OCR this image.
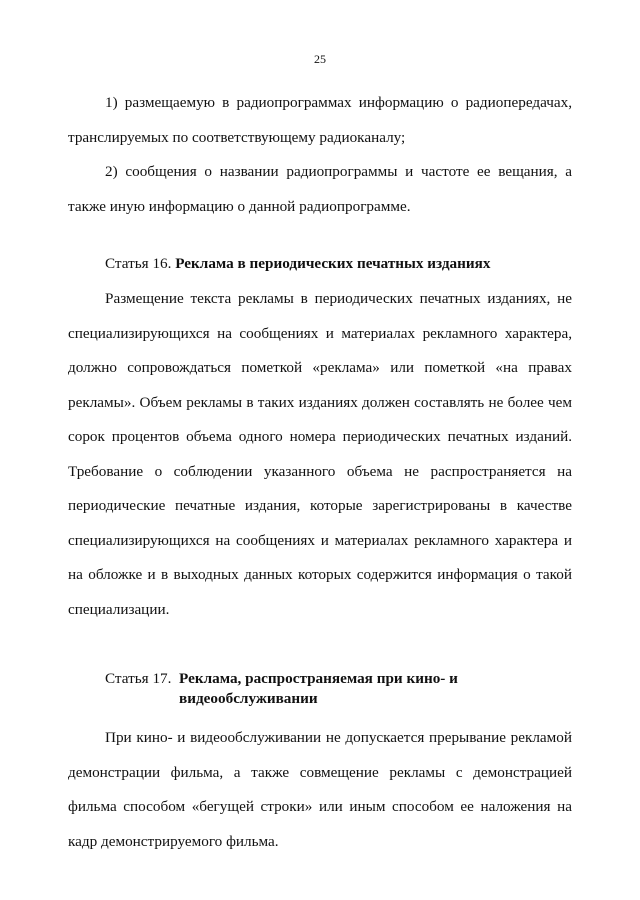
25

1) размещаемую в радиопрограммах информацию о радиопередачах, транслируемых по соответствующему радиоканалу;

2) сообщения о названии радиопрограммы и частоте ее вещания, а также иную информацию о данной радиопрограмме.

Статья 16. Реклама в периодических печатных изданиях

Размещение текста рекламы в периодических печатных изданиях, не специализирующихся на сообщениях и материалах рекламного характера, должно сопровождаться пометкой «реклама» или пометкой «на правах рекламы». Объем рекламы в таких изданиях должен составлять не более чем сорок процентов объема одного номера периодических печатных изданий. Требование о соблюдении указанного объема не распространяется на периодические печатные издания, которые зарегистрированы в качестве специализирующихся на сообщениях и материалах рекламного характера и на обложке и в выходных данных которых содержится информация о такой специализации.

Статья 17. Реклама, распространяемая при кино- и видеообслуживании

При кино- и видеообслуживании не допускается прерывание рекламой демонстрации фильма, а также совмещение рекламы с демонстрацией фильма способом «бегущей строки» или иным способом ее наложения на кадр демонстрируемого фильма.
